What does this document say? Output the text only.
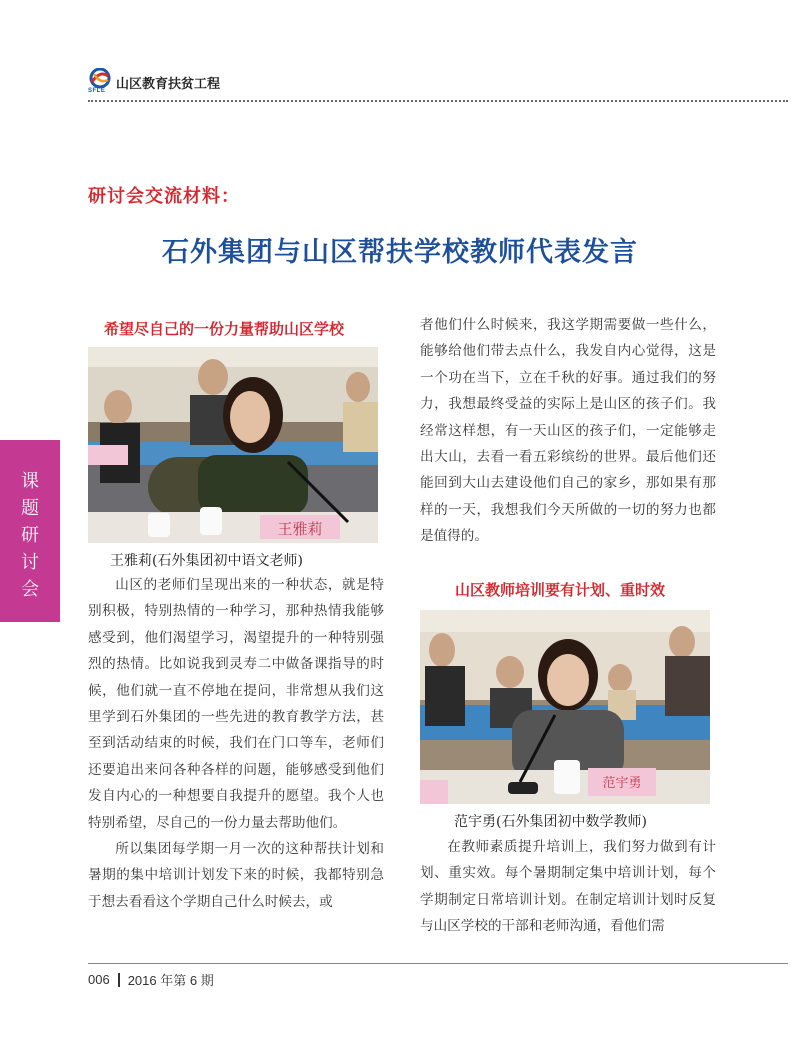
SFLE 山区教育扶贫工程
课题研讨会
研讨会交流材料：
石外集团与山区帮扶学校教师代表发言
希望尽自己的一份力量帮助山区学校
王雅莉
王雅莉(石外集团初中语文老师)

山区的老师们呈现出来的一种状态，就是特别积极，特别热情的一种学习，那种热情我能够感受到，他们渴望学习，渴望提升的一种特别强烈的热情。比如说我到灵寿二中做备课指导的时候，他们就一直不停地在提问，非常想从我们这里学到石外集团的一些先进的教育教学方法，甚至到活动结束的时候，我们在门口等车，老师们还要追出来问各种各样的问题，能够感受到他们发自内心的一种想要自我提升的愿望。我个人也特别希望，尽自己的一份力量去帮助他们。

所以集团每学期一月一次的这种帮扶计划和暑期的集中培训计划发下来的时候，我都特别急于想去看看这个学期自己什么时候去，或

者他们什么时候来，我这学期需要做一些什么，能够给他们带去点什么，我发自内心觉得，这是一个功在当下，立在千秋的好事。通过我们的努力，我想最终受益的实际上是山区的孩子们。我经常这样想，有一天山区的孩子们，一定能够走出大山，去看一看五彩缤纷的世界。最后他们还能回到大山去建设他们自己的家乡，那如果有那样的一天，我想我们今天所做的一切的努力也都是值得的。

山区教师培训要有计划、重时效
范宇勇
范宇勇(石外集团初中数学教师)

在教师素质提升培训上，我们努力做到有计划、重实效。每个暑期制定集中培训计划，每个学期制定日常培训计划。在制定培训计划时反复与山区学校的干部和老师沟通，看他们需

006 2016 年第 6 期
